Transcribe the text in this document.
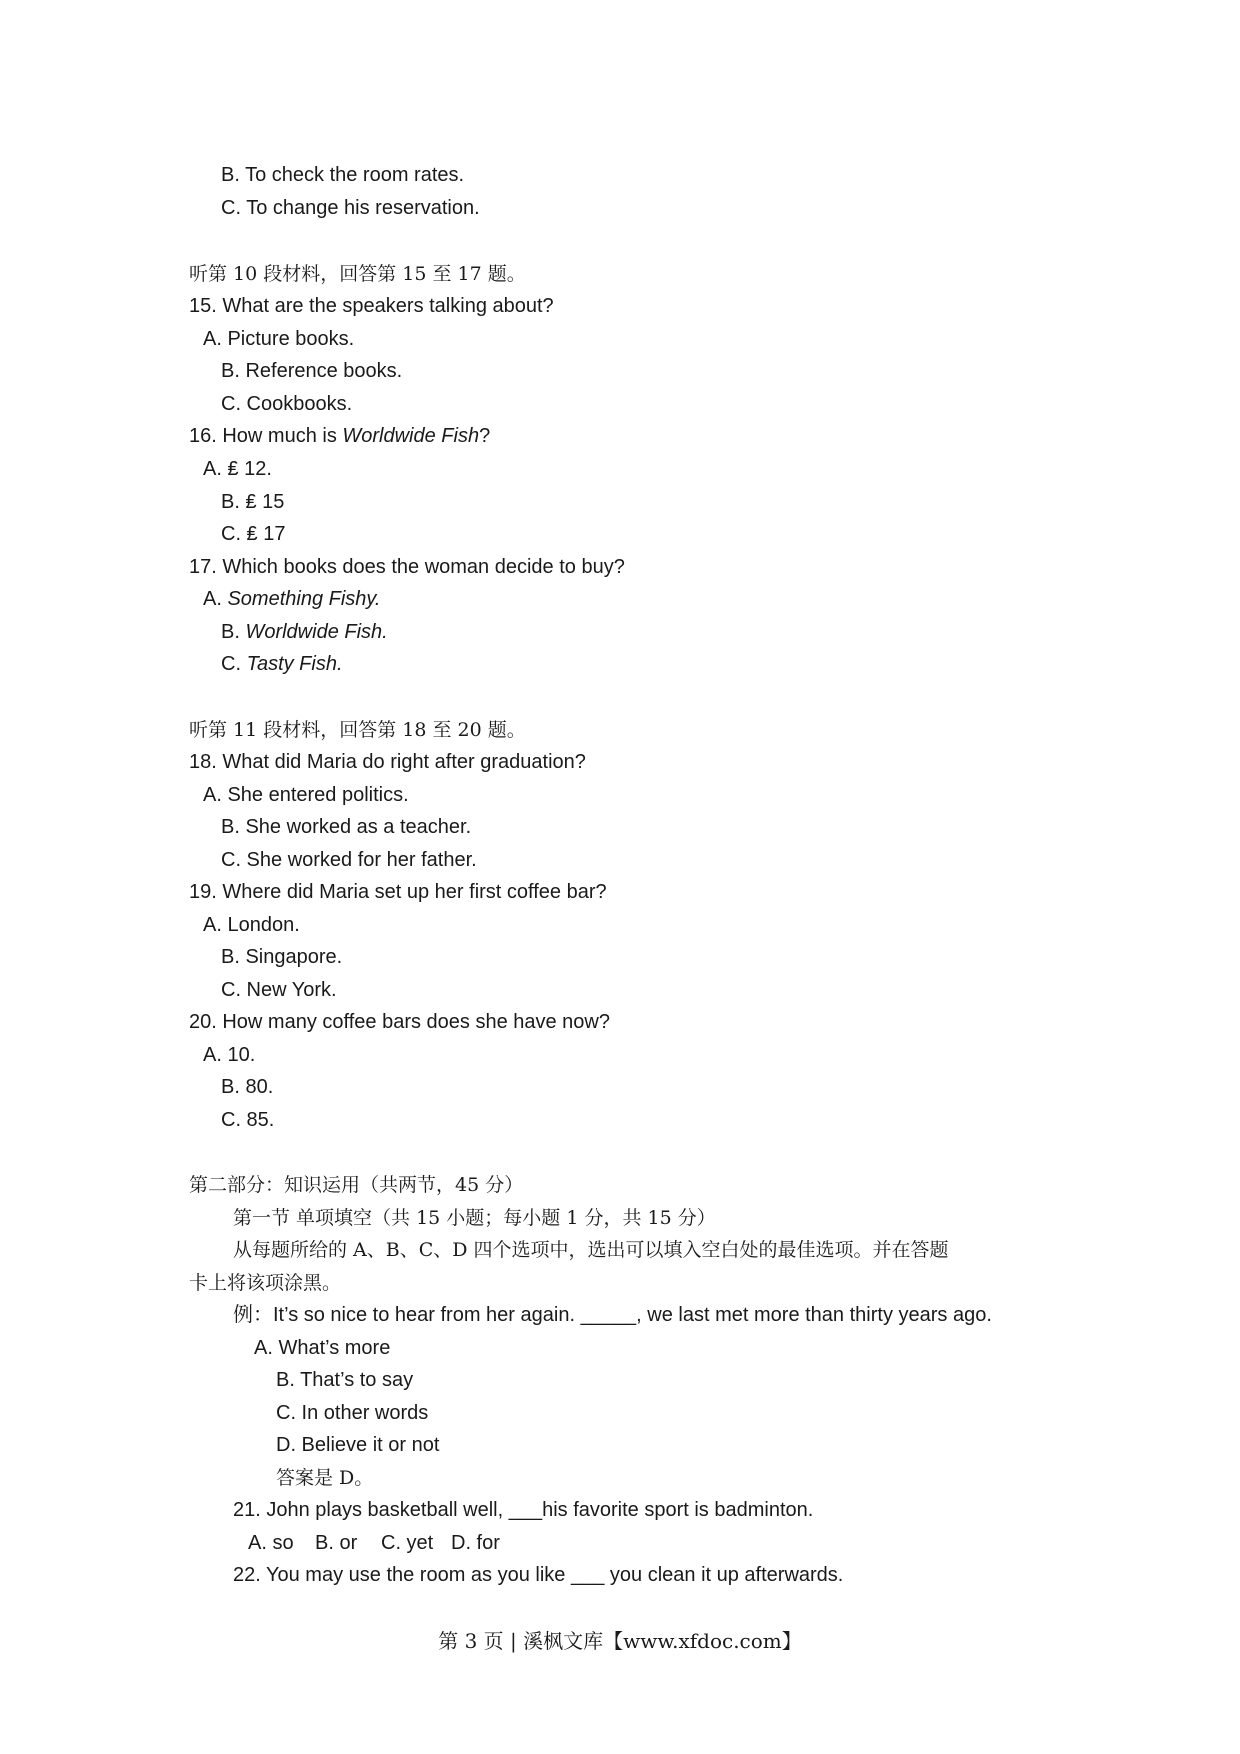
B. To check the room rates.
C. To change his reservation.
听第 10 段材料，回答第 15 至 17 题。
15. What are the speakers talking about?
A. Picture books.
B. Reference books.
C. Cookbooks.
16. How much is Worldwide Fish?
A. ₤ 12.
B. ₤ 15
C. ₤ 17
17. Which books does the woman decide to buy?
A. Something Fishy.
B. Worldwide Fish.
C. Tasty Fish.
听第 11 段材料，回答第 18 至 20 题。
18. What did Maria do right after graduation?
A. She entered politics.
B. She worked as a teacher.
C. She worked for her father.
19. Where did Maria set up her first coffee bar?
A. London.
B. Singapore.
C. New York.
20. How many coffee bars does she have now?
A. 10.
B. 80.
C. 85.
第二部分：知识运用（共两节，45 分）
第一节 单项填空（共 15 小题；每小题 1 分，共 15 分）
从每题所给的 A、B、C、D 四个选项中，选出可以填入空白处的最佳选项。并在答题
卡上将该项涂黑。
例：It’s so nice to hear from her again. _____, we last met more than thirty years ago.
A. What’s more
B. That’s to say
C. In other words
D. Believe it or not
答案是 D。
21. John plays basketball well, ___his favorite sport is badminton.
A. so B. or C. yet D. for
22. You may use the room as you like ___ you clean it up afterwards.
第 3 页 | 溪枫文库【www.xfdoc.com】
